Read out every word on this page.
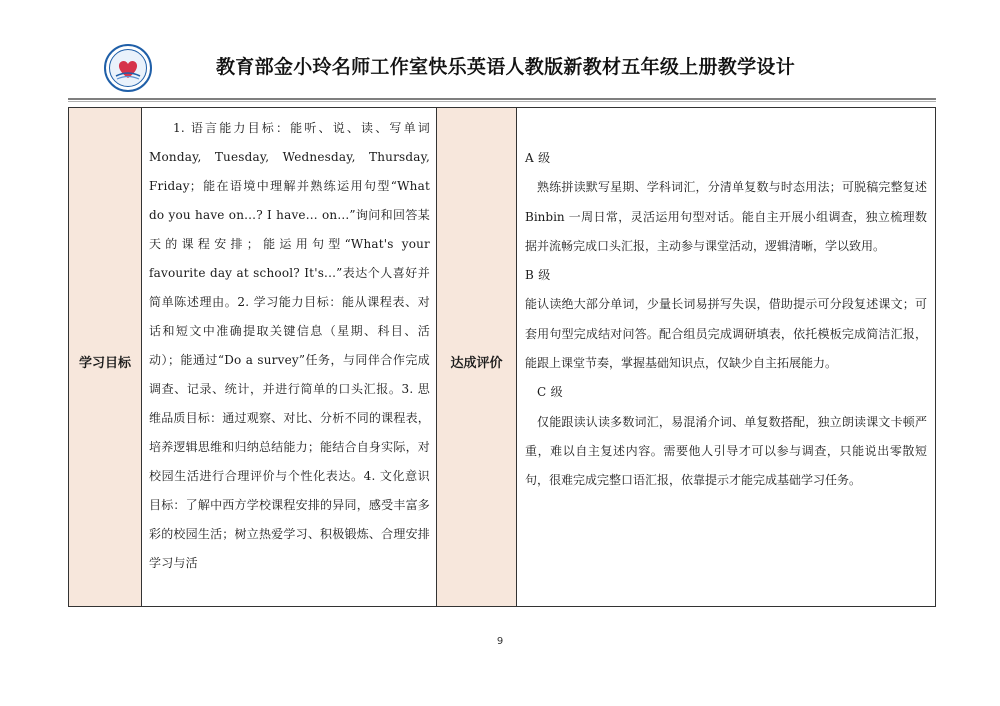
教育部金小玲名师工作室快乐英语人教版新教材五年级上册教学设计
学习目标

1. 语言能力目标：能听、说、读、写单词 Monday, Tuesday, Wednesday, Thursday, Friday；能在语境中理解并熟练运用句型“What do you have on...? I have... on...”询问和回答某天的课程安排；能运用句型“What's your favourite day at school? It's...”表达个人喜好并简单陈述理由。2. 学习能力目标：能从课程表、对话和短文中准确提取关键信息（星期、科目、活动）；能通过“Do a survey”任务，与同伴合作完成调查、记录、统计，并进行简单的口头汇报。3. 思维品质目标：通过观察、对比、分析不同的课程表，培养逻辑思维和归纳总结能力；能结合自身实际，对校园生活进行合理评价与个性化表达。4. 文化意识目标：了解中西方学校课程安排的异同，感受丰富多彩的校园生活；树立热爱学习、积极锻炼、合理安排学习与活

达成评价

A 级

熟练拼读默写星期、学科词汇，分清单复数与时态用法；可脱稿完整复述 Binbin 一周日常，灵活运用句型对话。能自主开展小组调查，独立梳理数据并流畅完成口头汇报，主动参与课堂活动，逻辑清晰，学以致用。

B 级

能认读绝大部分单词，少量长词易拼写失误，借助提示可分段复述课文；可套用句型完成结对问答。配合组员完成调研填表，依托模板完成简洁汇报，能跟上课堂节奏，掌握基础知识点，仅缺少自主拓展能力。

C 级

仅能跟读认读多数词汇，易混淆介词、单复数搭配，独立朗读课文卡顿严重，难以自主复述内容。需要他人引导才可以参与调查，只能说出零散短句，很难完成完整口语汇报，依靠提示才能完成基础学习任务。

9
